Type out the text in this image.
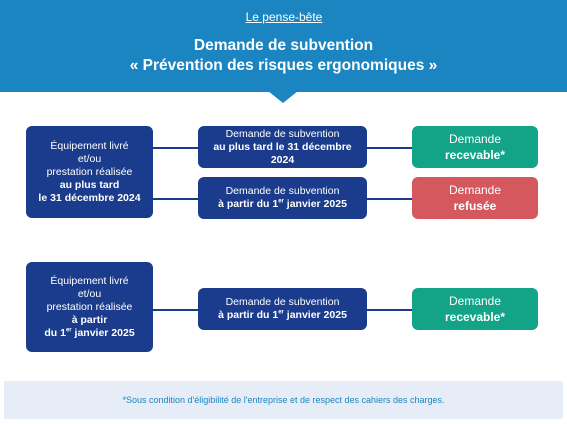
Le pense-bête
Demande de subvention
« Prévention des risques ergonomiques »
Équipement livré
et/ou
prestation réalisée
au plus tard
le 31 décembre 2024
Demande de subvention
au plus tard le 31 décembre 2024
Demande de subvention
à partir du 1er janvier 2025
Demande
recevable*
Demande
refusée
Équipement livré
et/ou
prestation réalisée
à partir
du 1er janvier 2025
Demande de subvention
à partir du 1er janvier 2025
Demande
recevable*
*Sous condition d'éligibilité de l'entreprise et de respect des cahiers des charges.
